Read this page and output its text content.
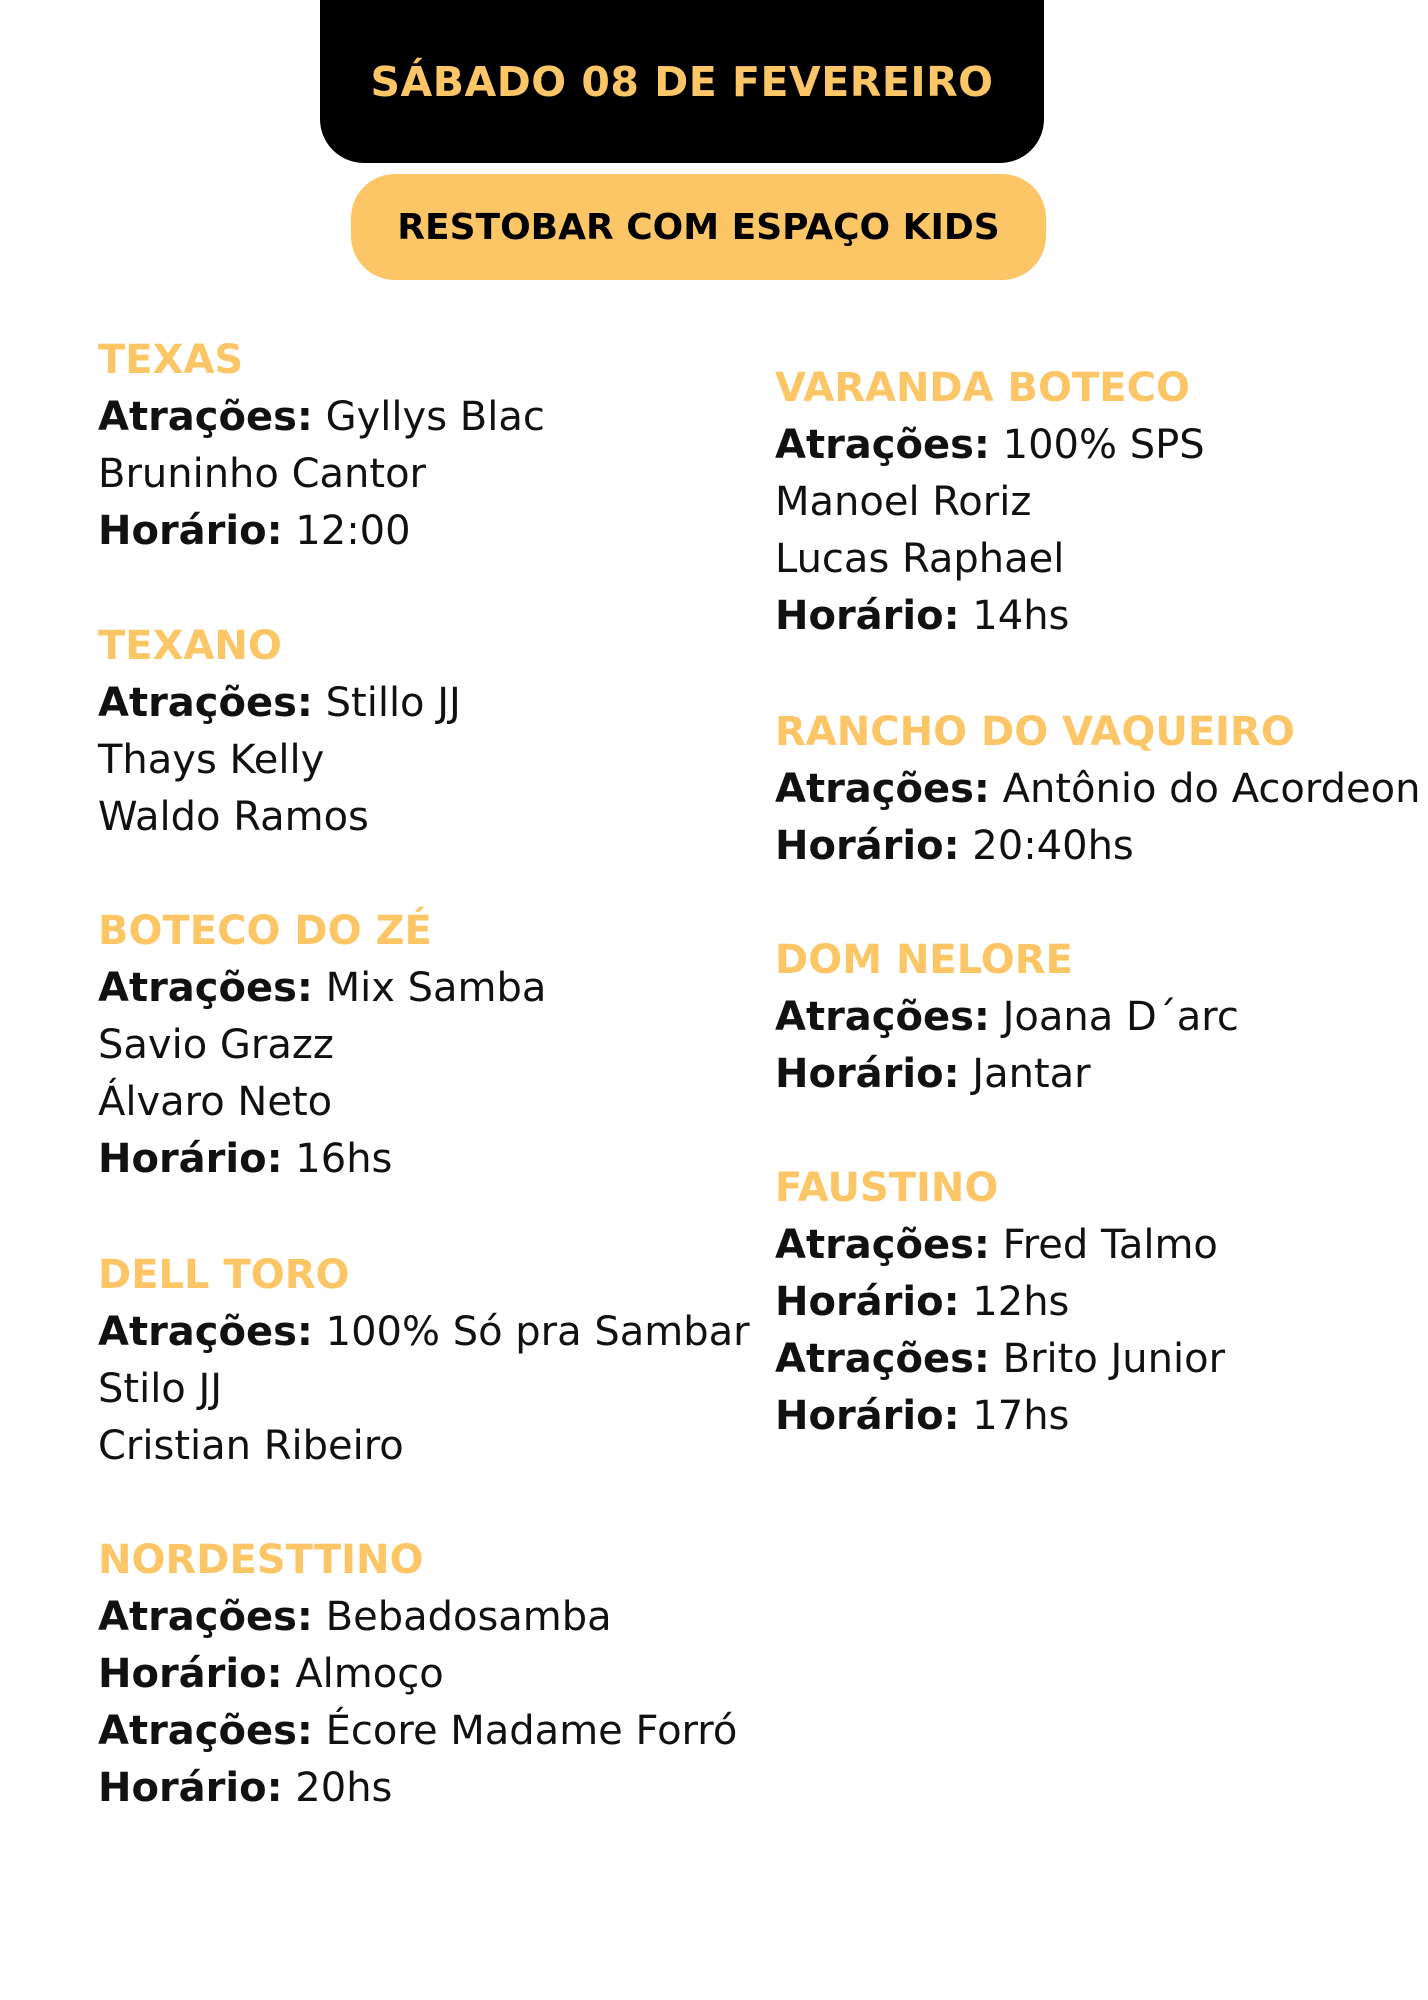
SÁBADO 08 DE FEVEREIRO
RESTOBAR COM ESPAÇO KIDS
TEXAS
Atrações: Gyllys Blac
Bruninho Cantor
Horário: 12:00
TEXANO
Atrações: Stillo JJ
Thays Kelly
Waldo Ramos
BOTECO DO ZÉ
Atrações: Mix Samba
Savio Grazz
Álvaro Neto
Horário: 16hs
DELL TORO
Atrações: 100% Só pra Sambar
Stilo JJ
Cristian Ribeiro
NORDESTTINO
Atrações: Bebadosamba
Horário: Almoço
Atrações: Écore Madame Forró
Horário: 20hs
VARANDA BOTECO
Atrações: 100% SPS
Manoel Roriz
Lucas Raphael
Horário: 14hs
RANCHO DO VAQUEIRO
Atrações: Antônio do Acordeon
Horário: 20:40hs
DOM NELORE
Atrações: Joana D´arc
Horário: Jantar
FAUSTINO
Atrações: Fred Talmo
Horário: 12hs
Atrações: Brito Junior
Horário: 17hs
